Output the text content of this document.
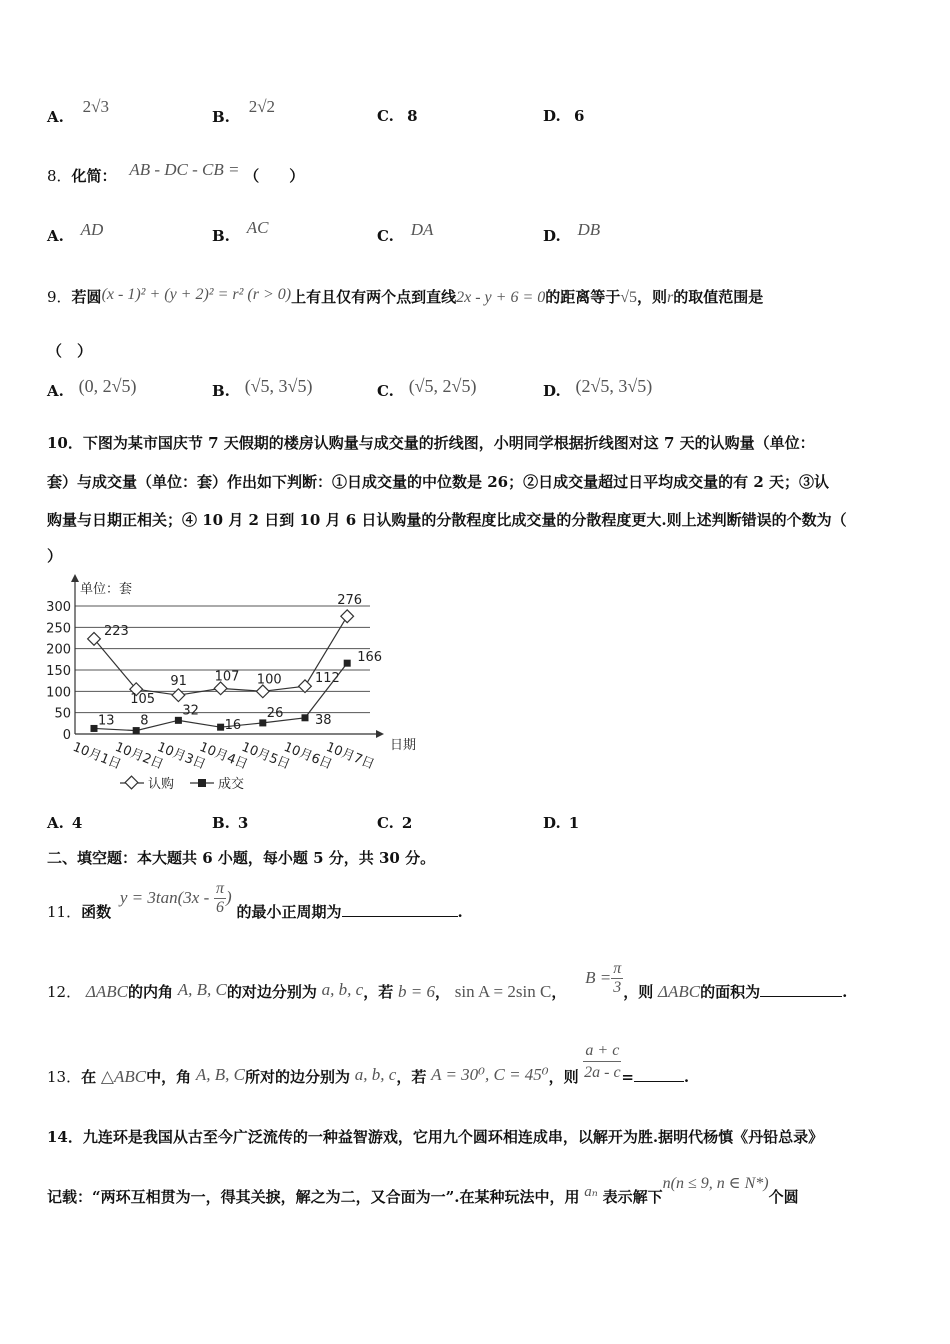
A. 2√3
B. 2√2	C. 8	D. 6
8．化简： AB - DC - CB = （　　）
A. AD	B. AC	C. DA	D. DB
9．若圆(x - 1)² + (y + 2)² = r² (r > 0)上有且仅有两个点到直线2x - y + 6 = 0的距离等于√5，则r的取值范围是
（　）
A. (0, 2√5)	B. (√5, 3√5)	C. (√5, 2√5)	D. (2√5, 3√5)
10．下图为某市国庆节 7 天假期的楼房认购量与成交量的折线图，小明同学根据折线图对这 7 天的认购量（单位：
套）与成交量（单位：套）作出如下判断：①日成交量的中位数是 26；②日成交量超过日平均成交量的有 2 天；③认
购量与日期正相关；④ 10 月 2 日到 10 月 6 日认购量的分散程度比成交量的分散程度更大.则上述判断错误的个数为（
）
单位：套
日期
0
50
100
150
200
250
300
10月1日
10月2日
10月3日
10月4日
10月5日
10月6日
10月7日
223
105
91 107 100	112
276
13 8
32
16
26 38
166
认购	成交
A. 4	B. 3	C. 2	D. 1
二、填空题：本大题共 6 小题，每小题 5 分，共 30 分。
11．函数 $y = 3\tan(3x - \frac{\pi}{6}$ ) 的最小正周期为	.
12． ΔABC的内角 A, B, C的对边分别为 a, b, c，若 b = 6， sin A = 2sin C， $B = \frac{\pi}{3}$ ，则 ΔABC的面积为	.
13．在 △ABC中，角 A, B, C所对的边分别为 a, b, c，若 A = 30⁰, C = 45⁰，则 $\frac{a + c}{2a - c}$ =	.
14．九连环是我国从古至今广泛流传的一种益智游戏，它用九个圆环相连成串，以解开为胜.据明代杨慎《丹铅总录》
记载：“两环互相贯为一，得其关捩，解之为二，又合面为一”.在某种玩法中，用 aₙ 表示解下n(n ≤ 9, n ∈ N*)个圆
